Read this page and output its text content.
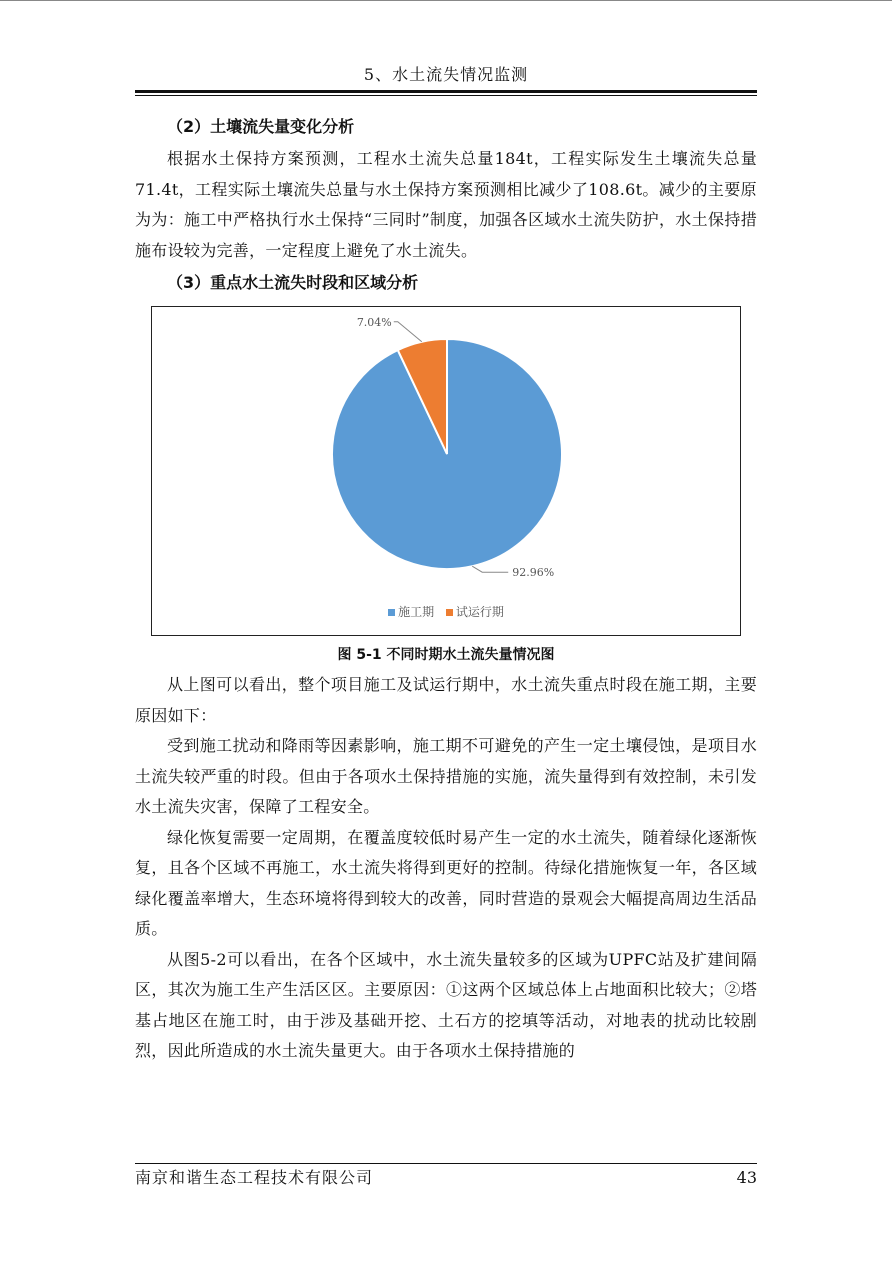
5、水土流失情况监测
（2）土壤流失量变化分析

根据水土保持方案预测，工程水土流失总量184t，工程实际发生土壤流失总量71.4t，工程实际土壤流失总量与水土保持方案预测相比减少了108.6t。减少的主要原为为：施工中严格执行水土保持“三同时”制度，加强各区域水土流失防护，水土保持措施布设较为完善，一定程度上避免了水土流失。

（3）重点水土流失时段和区域分析
92.96%
7.04%
施工期 试运行期
图 5-1 不同时期水土流失量情况图

从上图可以看出，整个项目施工及试运行期中，水土流失重点时段在施工期，主要原因如下：

受到施工扰动和降雨等因素影响，施工期不可避免的产生一定土壤侵蚀，是项目水土流失较严重的时段。但由于各项水土保持措施的实施，流失量得到有效控制，未引发水土流失灾害，保障了工程安全。

绿化恢复需要一定周期，在覆盖度较低时易产生一定的水土流失，随着绿化逐渐恢复，且各个区域不再施工，水土流失将得到更好的控制。待绿化措施恢复一年，各区域绿化覆盖率增大，生态环境将得到较大的改善，同时营造的景观会大幅提高周边生活品质。

从图5-2可以看出，在各个区域中，水土流失量较多的区域为UPFC站及扩建间隔区，其次为施工生产生活区区。主要原因：①这两个区域总体上占地面积比较大；②塔基占地区在施工时，由于涉及基础开挖、土石方的挖填等活动，对地表的扰动比较剧烈，因此所造成的水土流失量更大。由于各项水土保持措施的

南京和谐生态工程技术有限公司	43
